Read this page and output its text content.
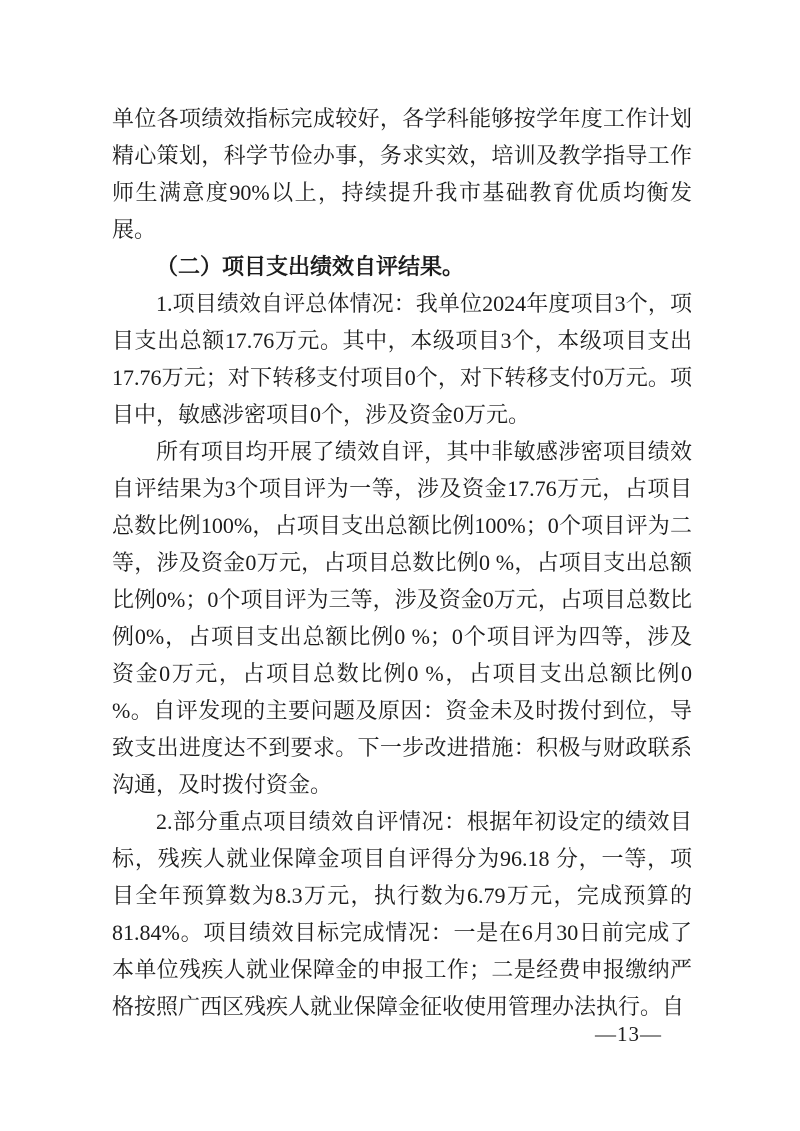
单位各项绩效指标完成较好，各学科能够按学年度工作计划精心策划，科学节俭办事，务求实效，培训及教学指导工作师生满意度90%以上，持续提升我市基础教育优质均衡发展。

（二）项目支出绩效自评结果。

1.项目绩效自评总体情况：我单位2024年度项目3个，项目支出总额17.76万元。其中，本级项目3个，本级项目支出17.76万元；对下转移支付项目0个，对下转移支付0万元。项目中，敏感涉密项目0个，涉及资金0万元。

所有项目均开展了绩效自评，其中非敏感涉密项目绩效自评结果为3个项目评为一等，涉及资金17.76万元，占项目总数比例100%，占项目支出总额比例100%；0个项目评为二等，涉及资金0万元，占项目总数比例0 %，占项目支出总额比例0%；0个项目评为三等，涉及资金0万元，占项目总数比例0%，占项目支出总额比例0 %；0个项目评为四等，涉及资金0万元，占项目总数比例0 %，占项目支出总额比例0 %。自评发现的主要问题及原因：资金未及时拨付到位，导致支出进度达不到要求。下一步改进措施：积极与财政联系沟通，及时拨付资金。

2.部分重点项目绩效自评情况：根据年初设定的绩效目标，残疾人就业保障金项目自评得分为96.18 分，一等，项目全年预算数为8.3万元，执行数为6.79万元，完成预算的81.84%。项目绩效目标完成情况：一是在6月30日前完成了本单位残疾人就业保障金的申报工作；二是经费申报缴纳严格按照广西区残疾人就业保障金征收使用管理办法执行。自

—13—
